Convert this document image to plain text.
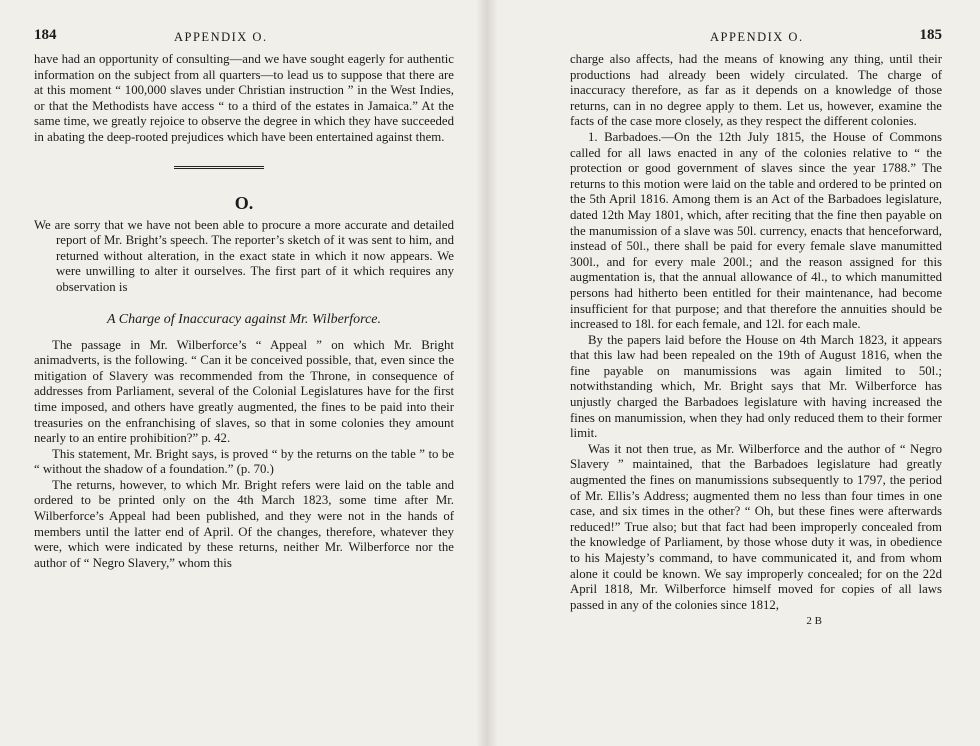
184	APPENDIX O.

have had an opportunity of consulting—and we have sought eagerly for authentic information on the subject from all quarters—to lead us to suppose that there are at this moment “ 100,000 slaves under Christian instruction ” in the West Indies, or that the Methodists have access “ to a third of the estates in Jamaica.” At the same time, we greatly rejoice to observe the degree in which they have succeeded in abating the deep-rooted prejudices which have been entertained against them.

O.

We are sorry that we have not been able to procure a more accurate and detailed report of Mr. Bright’s speech. The reporter’s sketch of it was sent to him, and returned without alteration, in the exact state in which it now appears. We were unwilling to alter it ourselves. The first part of it which requires any observation is

A Charge of Inaccuracy against Mr. Wilberforce.

The passage in Mr. Wilberforce’s “ Appeal ” on which Mr. Bright animadverts, is the following. “ Can it be conceived possible, that, even since the mitigation of Slavery was recommended from the Throne, in consequence of addresses from Parliament, several of the Colonial Legislatures have for the first time imposed, and others have greatly augmented, the fines to be paid into their treasuries on the enfranchising of slaves, so that in some colonies they amount nearly to an entire prohibition?” p. 42.

This statement, Mr. Bright says, is proved “ by the returns on the table ” to be “ without the shadow of a foundation.” (p. 70.)

The returns, however, to which Mr. Bright refers were laid on the table and ordered to be printed only on the 4th March 1823, some time after Mr. Wilberforce’s Appeal had been published, and they were not in the hands of members until the latter end of April. Of the changes, therefore, whatever they were, which were indicated by these returns, neither Mr. Wilberforce nor the author of “ Negro Slavery,” whom this

APPENDIX O.	185

charge also affects, had the means of knowing any thing, until their productions had already been widely circulated. The charge of inaccuracy therefore, as far as it depends on a knowledge of those returns, can in no degree apply to them. Let us, however, examine the facts of the case more closely, as they respect the different colonies.

1. Barbadoes.—On the 12th July 1815, the House of Commons called for all laws enacted in any of the colonies relative to “ the protection or good government of slaves since the year 1788.” The returns to this motion were laid on the table and ordered to be printed on the 5th April 1816. Among them is an Act of the Barbadoes legislature, dated 12th May 1801, which, after reciting that the fine then payable on the manumission of a slave was 50l. currency, enacts that henceforward, instead of 50l., there shall be paid for every female slave manumitted 300l., and for every male 200l.; and the reason assigned for this augmentation is, that the annual allowance of 4l., to which manumitted persons had hitherto been entitled for their maintenance, had become insufficient for that purpose; and that therefore the annuities should be increased to 18l. for each female, and 12l. for each male.

By the papers laid before the House on 4th March 1823, it appears that this law had been repealed on the 19th of August 1816, when the fine payable on manumissions was again limited to 50l.; notwithstanding which, Mr. Bright says that Mr. Wilberforce has unjustly charged the Barbadoes legislature with having increased the fines on manumission, when they had only reduced them to their former limit.

Was it not then true, as Mr. Wilberforce and the author of “ Negro Slavery ” maintained, that the Barbadoes legislature had greatly augmented the fines on manumissions subsequently to 1797, the period of Mr. Ellis’s Address; augmented them no less than four times in one case, and six times in the other? “ Oh, but these fines were afterwards reduced!” True also; but that fact had been improperly concealed from the knowledge of Parliament, by those whose duty it was, in obedience to his Majesty’s command, to have communicated it, and from whom alone it could be known. We say improperly concealed; for on the 22d April 1818, Mr. Wilberforce himself moved for copies of all laws passed in any of the colonies since 1812,

2 B
